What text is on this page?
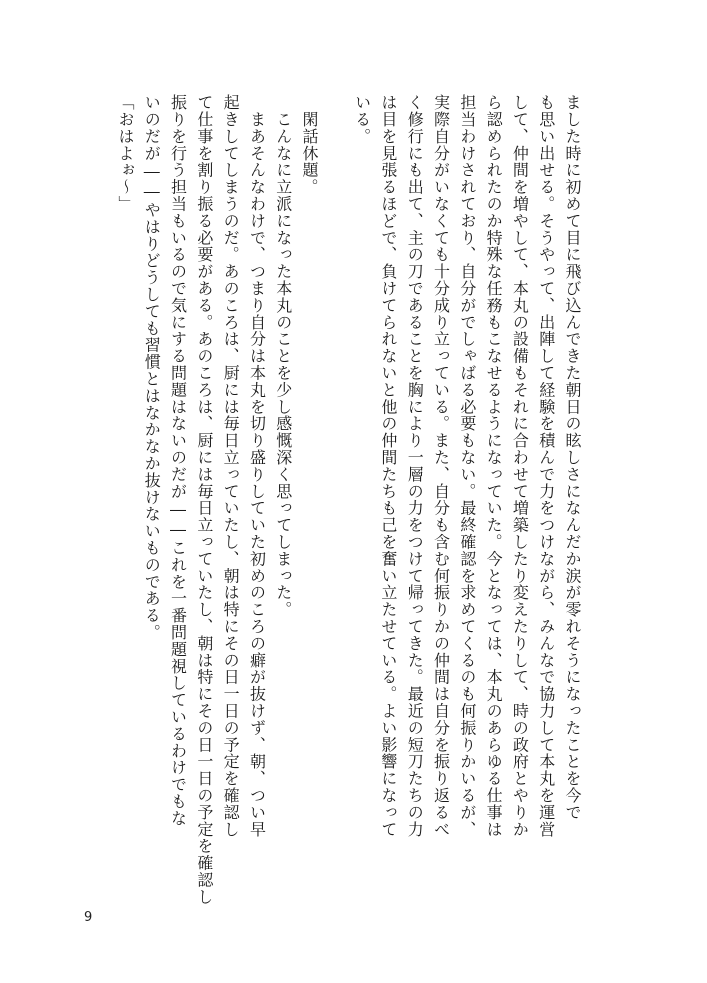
ました時に初めて目に飛び込んできた朝日の眩しさになんだか涙が零れそうになったことを今で
も思い出せる。そうやって、出陣して経験を積んで力をつけながら、みんなで協力して本丸を運営
して、仲間を増やして、本丸の設備もそれに合わせて増築したり変えたりして、時の政府とやりか
ら認められたのか特殊な任務もこなせるようになっていた。今となっては、本丸のあらゆる仕事は
担当わけされており、自分がでしゃばる必要もない。最終確認を求めてくるのも何振りかいるが、
実際自分がいなくても十分成り立っている。また、自分も含む何振りかの仲間は自分を振り返るべ
く修行にも出て、主の刀であることを胸により一層の力をつけて帰ってきた。最近の短刀たちの力
は目を見張るほどで、負けてられないと他の仲間たちも己を奮い立たせている。よい影響になって
いる。
　閑話休題。
　こんなに立派になった本丸のことを少し感慨深く思ってしまった。
　まあそんなわけで、つまり自分は本丸を切り盛りしていた初めのころの癖が抜けず、朝、つい早
起きしてしまうのだ。あのころは、厨には毎日立っていたし、朝は特にその日一日の予定を確認し
て仕事を割り振る必要がある。あのころは、厨には毎日立っていたし、朝は特にその日一日の予定を確認し
振りを行う担当もいるので気にする問題はないのだが――これを一番問題視しているわけでもな
いのだが――やはりどうしても習慣とはなかなか抜けないものである。
「おはよぉ～」
9
